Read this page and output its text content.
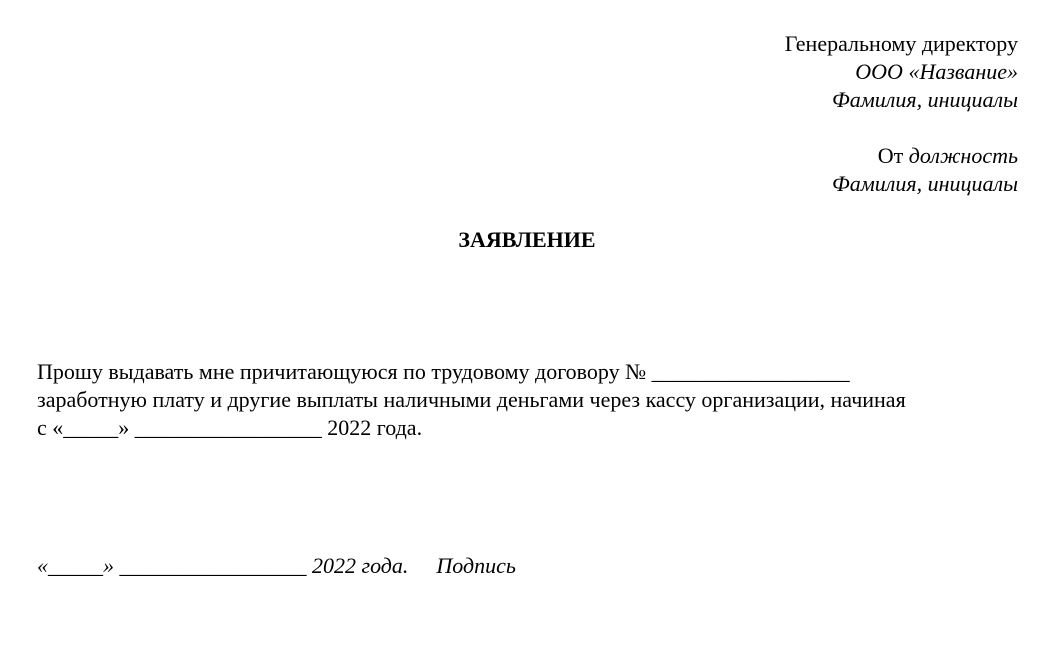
Генеральному директору
ООО «Название»
Фамилия, инициалы
От должность
Фамилия, инициалы
ЗАЯВЛЕНИЕ
Прошу выдавать мне причитающуюся по трудовому договору № __________________
заработную плату и другие выплаты наличными деньгами через кассу организации, начиная
с «_____» _________________ 2022 года.
«_____» _________________ 2022 года. Подпись
